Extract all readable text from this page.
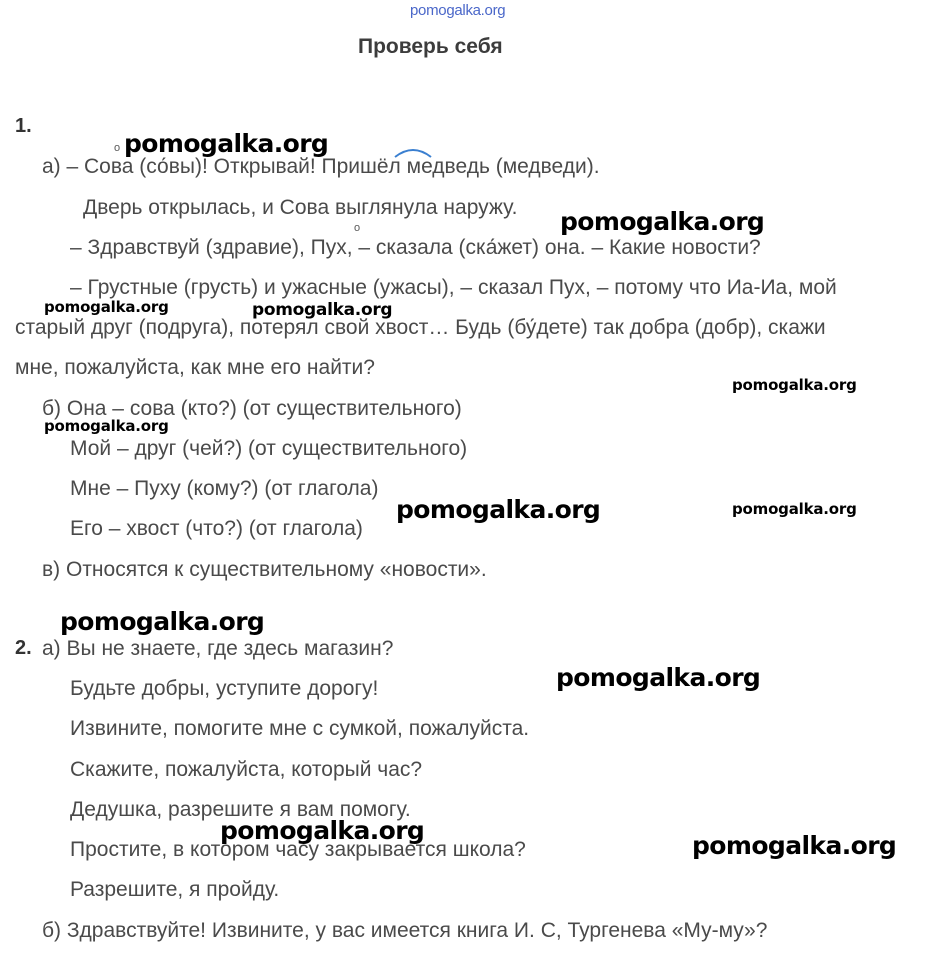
pomogalka.org
Проверь себя
1.
а) – Сова (со́вы)! Открывай! Пришёл медведь (медведи).
Дверь открылась, и Сова выглянула наружу.
– Здравствуй (здравие), Пух, – сказала (ска́жет) она. – Какие новости?
– Грустные (грусть) и ужасные (ужасы), – сказал Пух, – потому что Иа-Иа, мой
старый друг (подруга), потерял свой хвост… Будь (бу́дете) так добра (добр), скажи
мне, пожалуйста, как мне его найти?
б) Она – сова (кто?) (от существительного)
Мой – друг (чей?) (от существительного)
Мне – Пуху (кому?) (от глагола)
Его – хвост (что?) (от глагола)
в) Относятся к существительному «новости».
2. а) Вы не знаете, где здесь магазин?
Будьте добры, уступите дорогу!
Извините, помогите мне с сумкой, пожалуйста.
Скажите, пожалуйста, который час?
Дедушка, разрешите я вам помогу.
Простите, в котором часу закрывается школа?
Разрешите, я пройду.
б) Здравствуйте! Извините, у вас имеется книга И. С, Тургенева «Му-му»?
o
o
pomogalka.org
pomogalka.org
pomogalka.org
pomogalka.org
pomogalka.org
pomogalka.org
pomogalka.org
pomogalka.org	pomogalka.org
pomogalka.org
pomogalka.org
pomogalka.org
